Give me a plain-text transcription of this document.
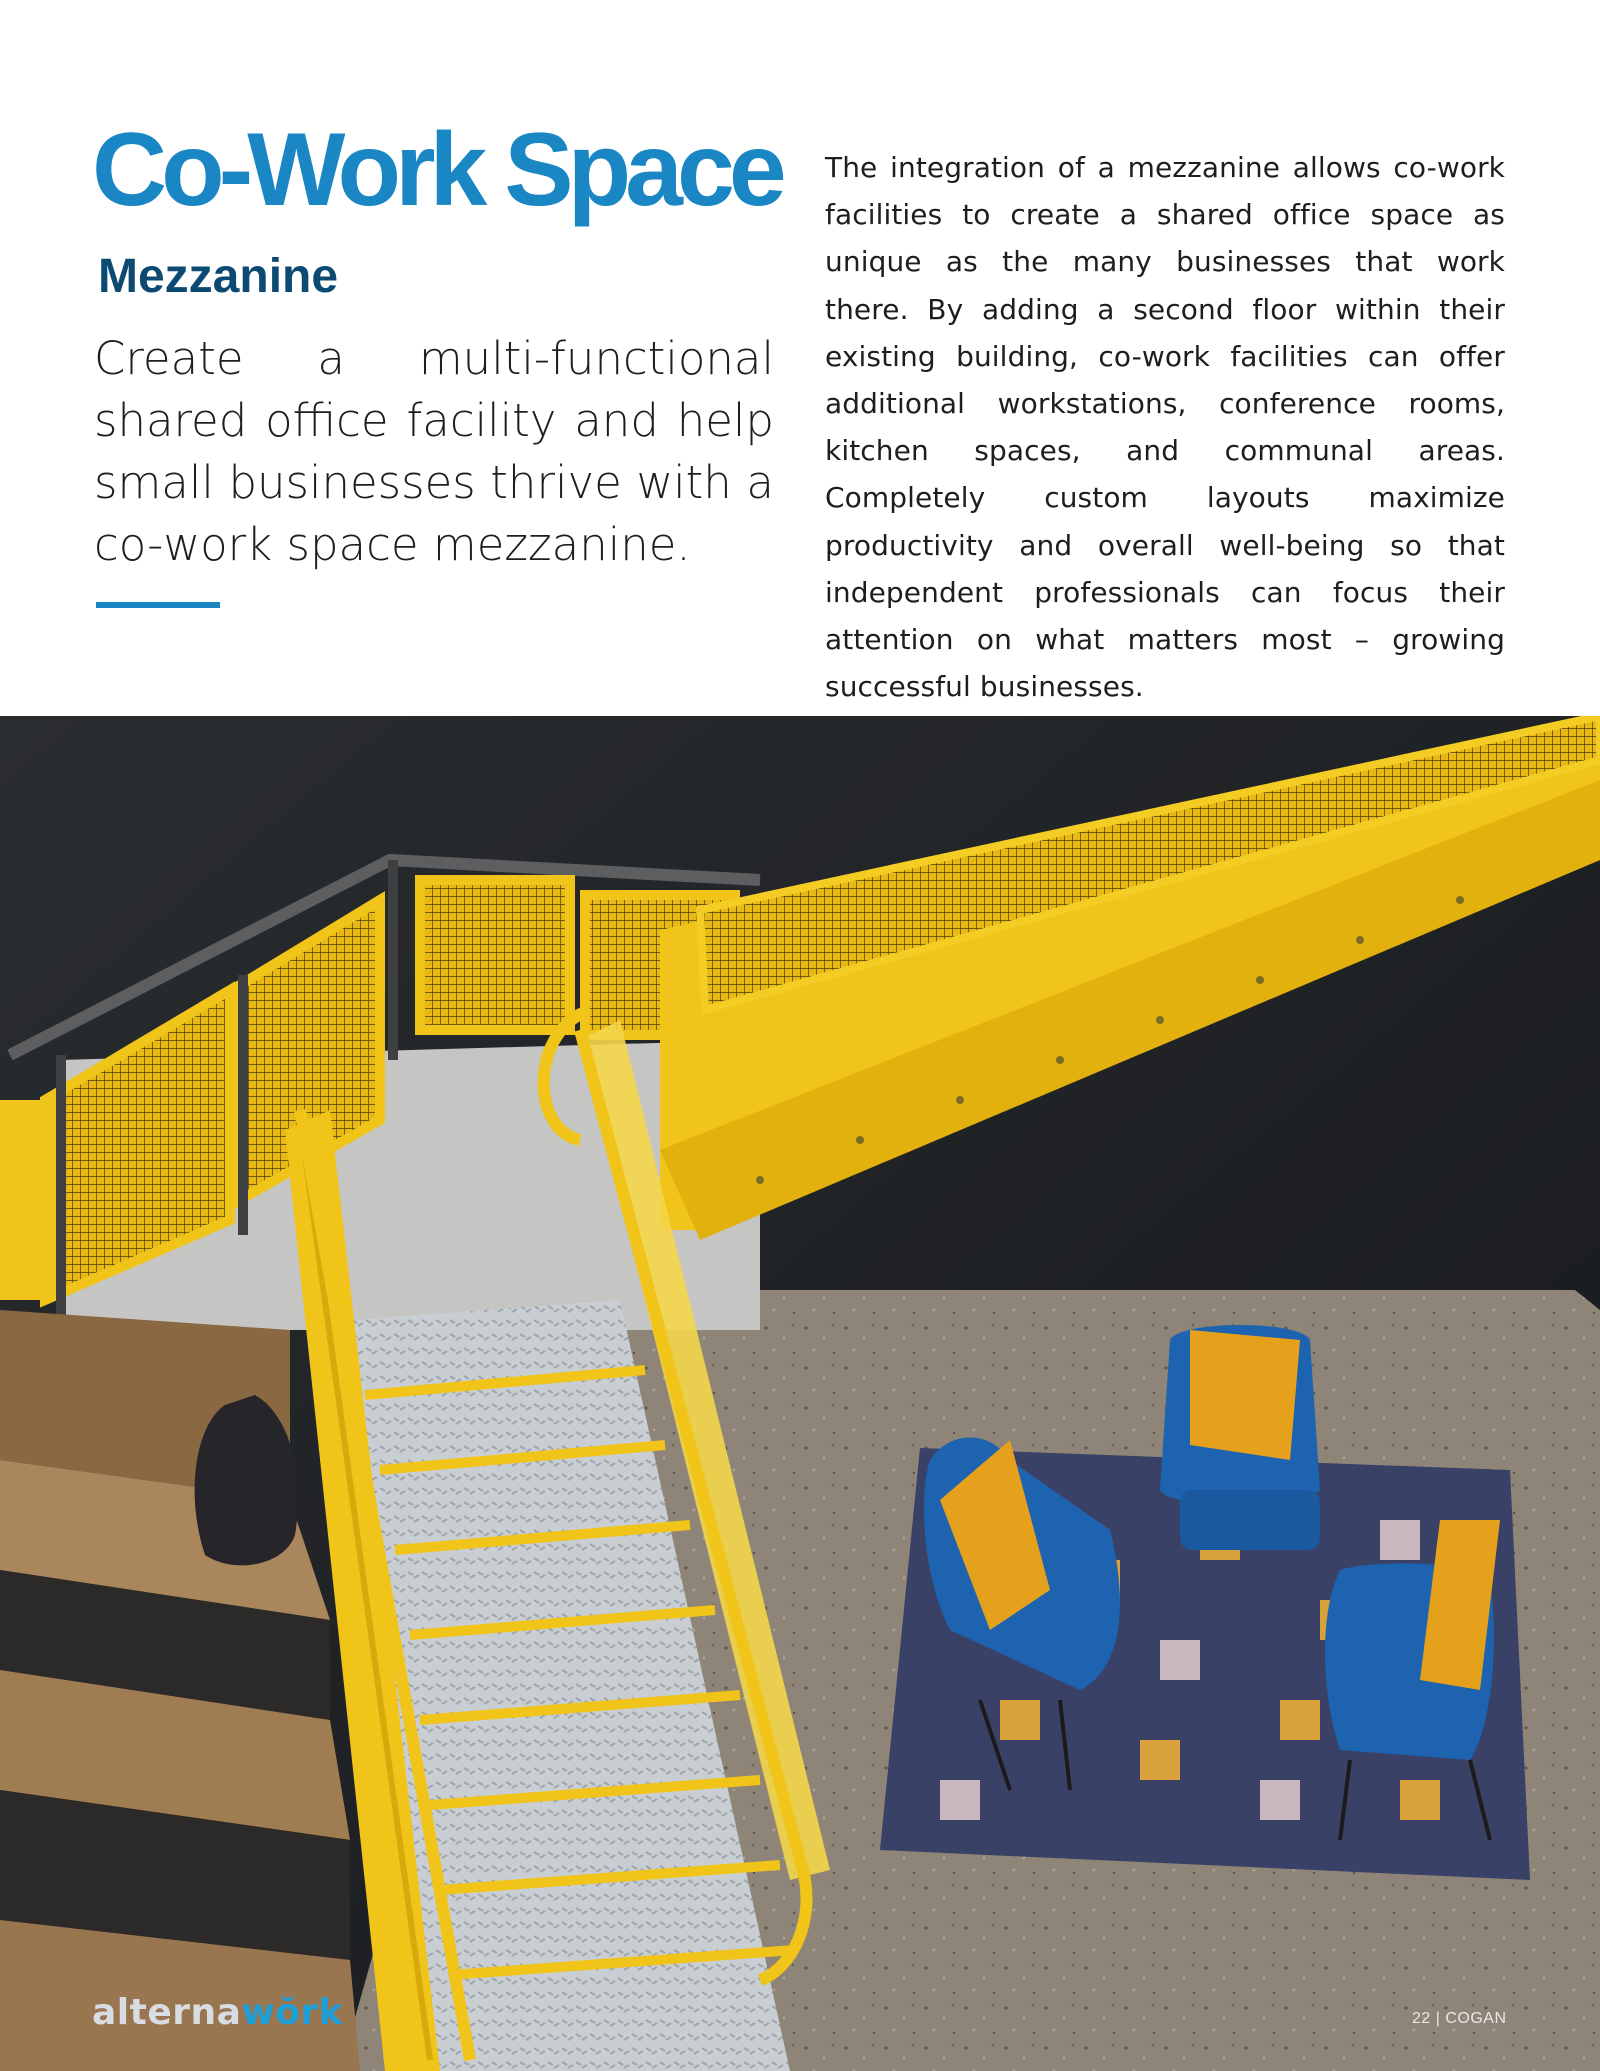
Co-Work Space
Mezzanine

Create a multi-functional shared office facility and help small businesses thrive with a co-work space mezzanine.

The integration of a mezzanine allows co-work facilities to create a shared office space as unique as the many businesses that work there. By adding a second floor within their existing building, co-work facilities can offer additional workstations, conference rooms, kitchen spaces, and communal areas. Completely custom layouts maximize productivity and overall well-being so that independent professionals can focus their attention on what matters most – growing successful businesses.

alternawŏrk	22 | COGAN
